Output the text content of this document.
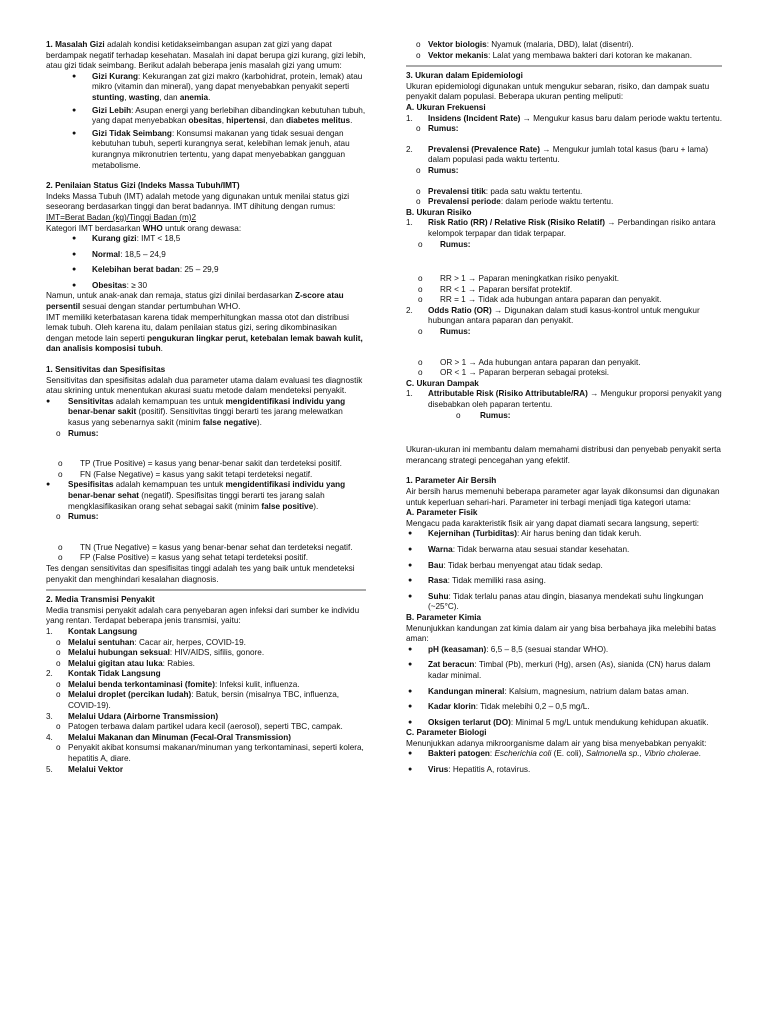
1. Masalah Gizi adalah kondisi ketidakseimbangan asupan zat gizi yang dapat berdampak negatif terhadap kesehatan. Masalah ini dapat berupa gizi kurang, gizi lebih, atau gizi tidak seimbang. Berikut adalah beberapa jenis masalah gizi yang umum:

● Gizi Kurang: Kekurangan zat gizi makro (karbohidrat, protein, lemak) atau mikro (vitamin dan mineral), yang dapat menyebabkan penyakit seperti stunting, wasting, dan anemia.
● Gizi Lebih: Asupan energi yang berlebihan dibandingkan kebutuhan tubuh, yang dapat menyebabkan obesitas, hipertensi, dan diabetes melitus.
● Gizi Tidak Seimbang: Konsumsi makanan yang tidak sesuai dengan kebutuhan tubuh, seperti kurangnya serat, kelebihan lemak jenuh, atau kurangnya mikronutrien tertentu, yang dapat menyebabkan gangguan metabolisme.

2. Penilaian Status Gizi (Indeks Massa Tubuh/IMT)

Indeks Massa Tubuh (IMT) adalah metode yang digunakan untuk menilai status gizi seseorang berdasarkan tinggi dan berat badannya. IMT dihitung dengan rumus:

IMT=Berat Badan (kg)/Tinggi Badan (m)2

Kategori IMT berdasarkan WHO untuk orang dewasa:

● Kurang gizi: IMT < 18,5
● Normal: 18,5 – 24,9
● Kelebihan berat badan: 25 – 29,9
● Obesitas: ≥ 30

Namun, untuk anak-anak dan remaja, status gizi dinilai berdasarkan Z-score atau persentil sesuai dengan standar pertumbuhan WHO.

IMT memiliki keterbatasan karena tidak memperhitungkan massa otot dan distribusi lemak tubuh. Oleh karena itu, dalam penilaian status gizi, sering dikombinasikan dengan metode lain seperti pengukuran lingkar perut, ketebalan lemak bawah kulit, dan analisis komposisi tubuh.

1. Sensitivitas dan Spesifisitas

Sensitivitas dan spesifisitas adalah dua parameter utama dalam evaluasi tes diagnostik atau skrining untuk menentukan akurasi suatu metode dalam mendeteksi penyakit.

● Sensitivitas adalah kemampuan tes untuk mengidentifikasi individu yang benar-benar sakit (positif). Sensitivitas tinggi berarti tes jarang melewatkan kasus yang sebenarnya sakit (minim false negative).
o Rumus:
o TP (True Positive) = kasus yang benar-benar sakit dan terdeteksi positif.
o FN (False Negative) = kasus yang sakit tetapi terdeteksi negatif.
● Spesifisitas adalah kemampuan tes untuk mengidentifikasi individu yang benar-benar sehat (negatif). Spesifisitas tinggi berarti tes jarang salah mengklasifikasikan orang sehat sebagai sakit (minim false positive).
o Rumus:
o TN (True Negative) = kasus yang benar-benar sehat dan terdeteksi negatif.
o FP (False Positive) = kasus yang sehat tetapi terdeteksi positif.

Tes dengan sensitivitas dan spesifisitas tinggi adalah tes yang baik untuk mendeteksi penyakit dan menghindari kesalahan diagnosis.

2. Media Transmisi Penyakit

Media transmisi penyakit adalah cara penyebaran agen infeksi dari sumber ke individu yang rentan. Terdapat beberapa jenis transmisi, yaitu:

1. Kontak Langsung
o Melalui sentuhan: Cacar air, herpes, COVID-19.
o Melalui hubungan seksual: HIV/AIDS, sifilis, gonore.
o Melalui gigitan atau luka: Rabies.
2. Kontak Tidak Langsung
o Melalui benda terkontaminasi (fomite): Infeksi kulit, influenza.
o Melalui droplet (percikan ludah): Batuk, bersin (misalnya TBC, influenza, COVID-19).
3. Melalui Udara (Airborne Transmission)
o Patogen terbawa dalam partikel udara kecil (aerosol), seperti TBC, campak.
4. Melalui Makanan dan Minuman (Fecal-Oral Transmission)
o Penyakit akibat konsumsi makanan/minuman yang terkontaminasi, seperti kolera, hepatitis A, diare.
5. Melalui Vektor
o Vektor biologis: Nyamuk (malaria, DBD), lalat (disentri).
o Vektor mekanis: Lalat yang membawa bakteri dari kotoran ke makanan.

3. Ukuran dalam Epidemiologi

Ukuran epidemiologi digunakan untuk mengukur sebaran, risiko, dan dampak suatu penyakit dalam populasi. Beberapa ukuran penting meliputi:

A. Ukuran Frekuensi

1. Insidens (Incident Rate) → Mengukur kasus baru dalam periode waktu tertentu.
o Rumus:
2. Prevalensi (Prevalence Rate) → Mengukur jumlah total kasus (baru + lama) dalam populasi pada waktu tertentu.
o Rumus:
o Prevalensi titik: pada satu waktu tertentu.
o Prevalensi periode: dalam periode waktu tertentu.

B. Ukuran Risiko

1. Risk Ratio (RR) / Relative Risk (Risiko Relatif) → Perbandingan risiko antara kelompok terpapar dan tidak terpapar.
o Rumus:
o RR > 1 → Paparan meningkatkan risiko penyakit.
o RR < 1 → Paparan bersifat protektif.
o RR = 1 → Tidak ada hubungan antara paparan dan penyakit.
2. Odds Ratio (OR) → Digunakan dalam studi kasus-kontrol untuk mengukur hubungan antara paparan dan penyakit.
o Rumus:
o OR > 1 → Ada hubungan antara paparan dan penyakit.
o OR < 1 → Paparan berperan sebagai proteksi.

C. Ukuran Dampak

1. Attributable Risk (Risiko Attributable/RA) → Mengukur proporsi penyakit yang disebabkan oleh paparan tertentu.
o Rumus:

Ukuran-ukuran ini membantu dalam memahami distribusi dan penyebab penyakit serta merancang strategi pencegahan yang efektif.

1. Parameter Air Bersih

Air bersih harus memenuhi beberapa parameter agar layak dikonsumsi dan digunakan untuk keperluan sehari-hari. Parameter ini terbagi menjadi tiga kategori utama:

A. Parameter Fisik

Mengacu pada karakteristik fisik air yang dapat diamati secara langsung, seperti:

● Kejernihan (Turbiditas): Air harus bening dan tidak keruh.
● Warna: Tidak berwarna atau sesuai standar kesehatan.
● Bau: Tidak berbau menyengat atau tidak sedap.
● Rasa: Tidak memiliki rasa asing.
● Suhu: Tidak terlalu panas atau dingin, biasanya mendekati suhu lingkungan (~25°C).

B. Parameter Kimia

Menunjukkan kandungan zat kimia dalam air yang bisa berbahaya jika melebihi batas aman:

● pH (keasaman): 6,5 – 8,5 (sesuai standar WHO).
● Zat beracun: Timbal (Pb), merkuri (Hg), arsen (As), sianida (CN) harus dalam kadar minimal.
● Kandungan mineral: Kalsium, magnesium, natrium dalam batas aman.
● Kadar klorin: Tidak melebihi 0,2 – 0,5 mg/L.
● Oksigen terlarut (DO): Minimal 5 mg/L untuk mendukung kehidupan akuatik.

C. Parameter Biologi

Menunjukkan adanya mikroorganisme dalam air yang bisa menyebabkan penyakit:

● Bakteri patogen: Escherichia coli (E. coli), Salmonella sp., Vibrio cholerae.
● Virus: Hepatitis A, rotavirus.
